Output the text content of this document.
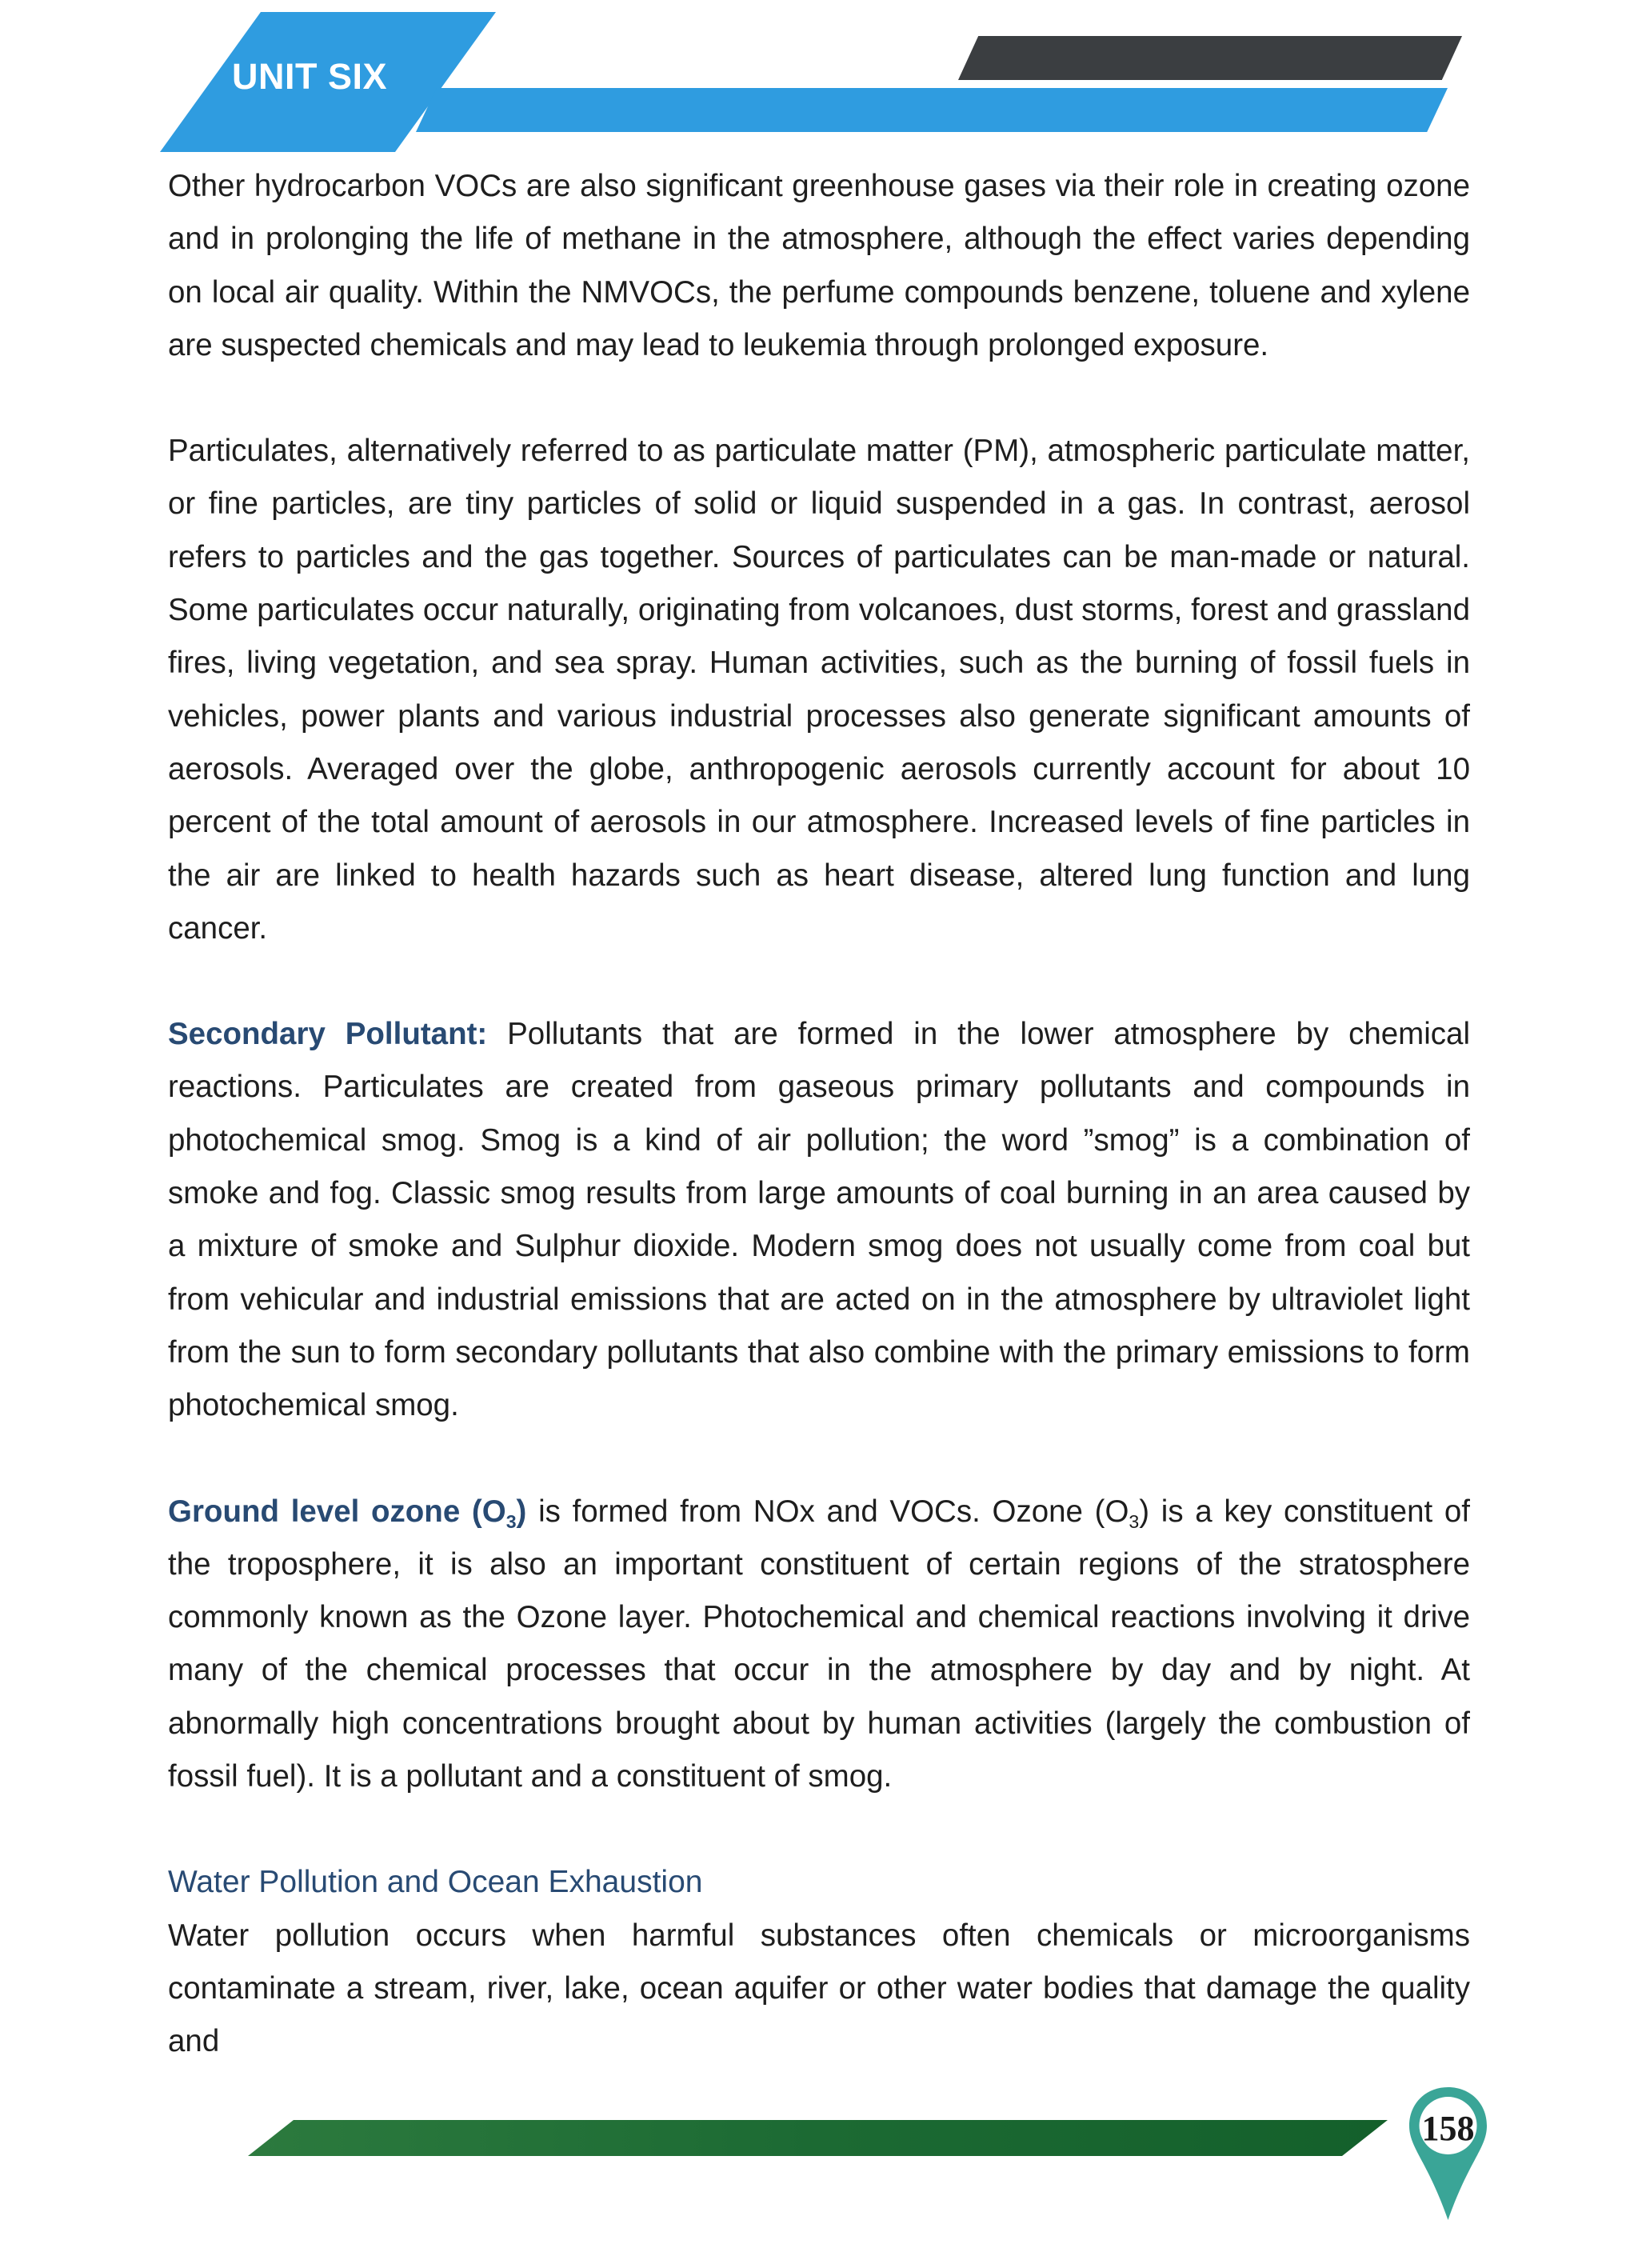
UNIT SIX

Other hydrocarbon VOCs are also significant greenhouse gases via their role in creating ozone and in prolonging the life of methane in the atmosphere, although the effect varies depending on local air quality. Within the NMVOCs, the perfume compounds benzene, toluene and xylene are suspected chemicals and may lead to leukemia through prolonged exposure.

Particulates, alternatively referred to as particulate matter (PM), atmospheric particulate matter, or fine particles, are tiny particles of solid or liquid suspended in a gas. In contrast, aerosol refers to particles and the gas together. Sources of particulates can be man-made or natural. Some particulates occur naturally, originating from volcanoes, dust storms, forest and grassland fires, living vegetation, and sea spray. Human activities, such as the burning of fossil fuels in vehicles, power plants and various industrial processes also generate significant amounts of aerosols. Averaged over the globe, anthropogenic aerosols currently account for about 10 percent of the total amount of aerosols in our atmosphere. Increased levels of fine particles in the air are linked to health hazards such as heart disease, altered lung function and lung cancer.

Secondary Pollutant: Pollutants that are formed in the lower atmosphere by chemical reactions. Particulates are created from gaseous primary pollutants and compounds in photochemical smog. Smog is a kind of air pollution; the word ”smog” is a combination of smoke and fog. Classic smog results from large amounts of coal burning in an area caused by a mixture of smoke and Sulphur dioxide. Modern smog does not usually come from coal but from vehicular and industrial emissions that are acted on in the atmosphere by ultraviolet light from the sun to form secondary pollutants that also combine with the primary emissions to form photochemical smog.

Ground level ozone $(O_3)$ is formed from NOx and VOCs. Ozone $(O_3)$ is a key constituent of the troposphere, it is also an important constituent of certain regions of the stratosphere commonly known as the Ozone layer. Photochemical and chemical reactions involving it drive many of the chemical processes that occur in the atmosphere by day and by night. At abnormally high concentrations brought about by human activities (largely the combustion of fossil fuel). It is a pollutant and a constituent of smog.

Water Pollution and Ocean Exhaustion

Water pollution occurs when harmful substances often chemicals or microorganisms contaminate a stream, river, lake, ocean aquifer or other water bodies that damage the quality and

158
